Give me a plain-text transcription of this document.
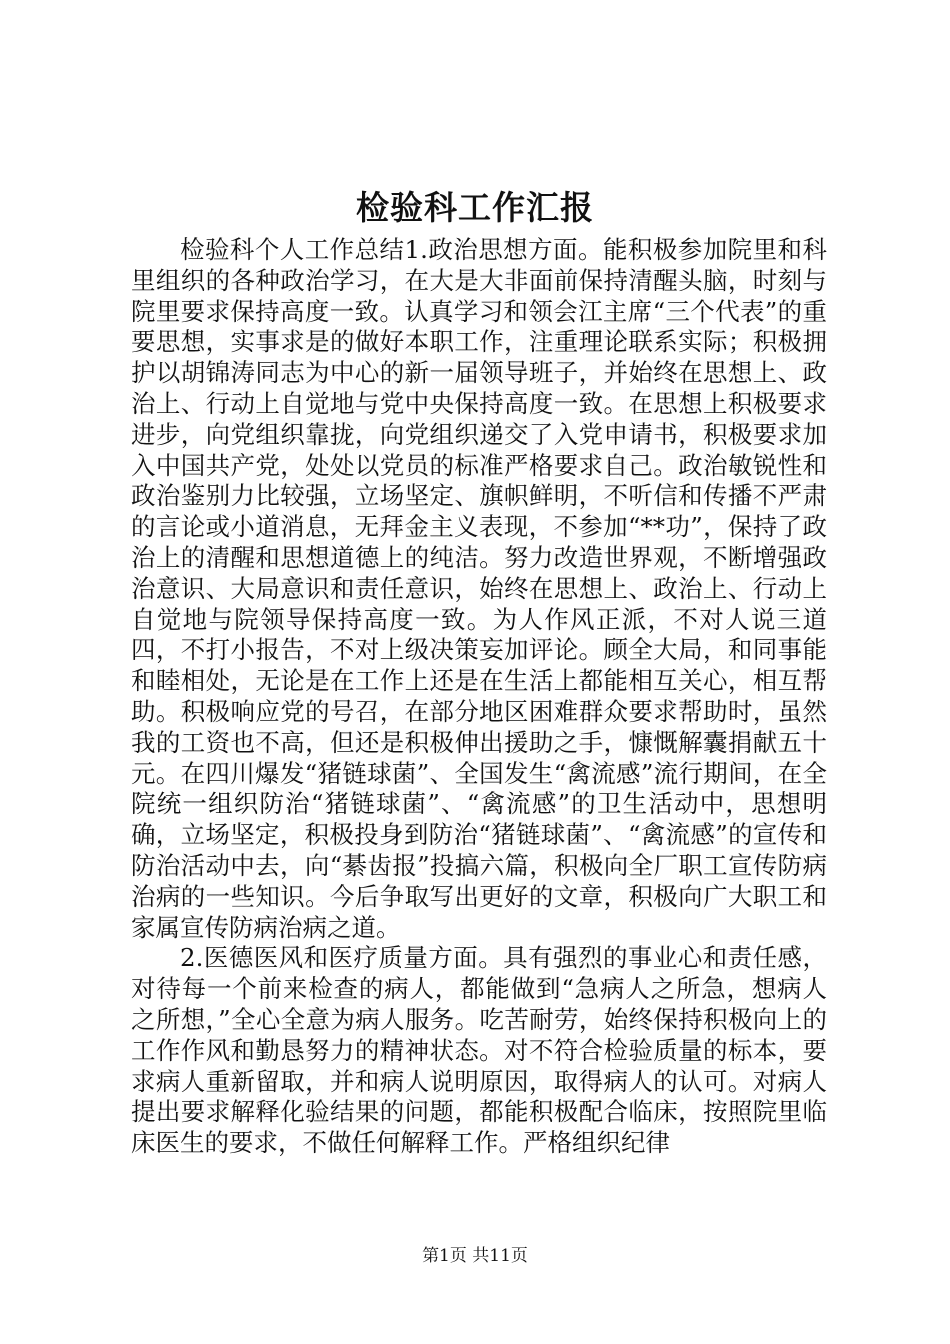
检验科工作汇报

检验科个人工作总结1.政治思想方面。能积极参加院里和科里组织的各种政治学习，在大是大非面前保持清醒头脑，时刻与院里要求保持高度一致。认真学习和领会江主席“三个代表”的重要思想，实事求是的做好本职工作，注重理论联系实际；积极拥护以胡锦涛同志为中心的新一届领导班子，并始终在思想上、政治上、行动上自觉地与党中央保持高度一致。在思想上积极要求进步，向党组织靠拢，向党组织递交了入党申请书，积极要求加入中国共产党，处处以党员的标准严格要求自己。政治敏锐性和政治鉴别力比较强，立场坚定、旗帜鲜明，不听信和传播不严肃的言论或小道消息，无拜金主义表现，不参加“**功”，保持了政治上的清醒和思想道德上的纯洁。努力改造世界观，不断增强政治意识、大局意识和责任意识，始终在思想上、政治上、行动上自觉地与院领导保持高度一致。为人作风正派，不对人说三道四，不打小报告，不对上级决策妄加评论。顾全大局，和同事能和睦相处，无论是在工作上还是在生活上都能相互关心，相互帮助。积极响应党的号召，在部分地区困难群众要求帮助时，虽然我的工资也不高，但还是积极伸出援助之手，慷慨解囊捐献五十元。在四川爆发“猪链球菌”、全国发生“禽流感”流行期间，在全院统一组织防治“猪链球菌”、“禽流感”的卫生活动中，思想明确，立场坚定，积极投身到防治“猪链球菌”、“禽流感”的宣传和防治活动中去，向“綦齿报”投搞六篇，积极向全厂职工宣传防病治病的一些知识。今后争取写出更好的文章，积极向广大职工和家属宣传防病治病之道。

2.医德医风和医疗质量方面。具有强烈的事业心和责任感，对待每一个前来检查的病人，都能做到“急病人之所急，想病人之所想，”全心全意为病人服务。吃苦耐劳，始终保持积极向上的工作作风和勤恳努力的精神状态。对不符合检验质量的标本，要求病人重新留取，并和病人说明原因，取得病人的认可。对病人提出要求解释化验结果的问题，都能积极配合临床，按照院里临床医生的要求，不做任何解释工作。严格组织纪律

第1页 共11页
